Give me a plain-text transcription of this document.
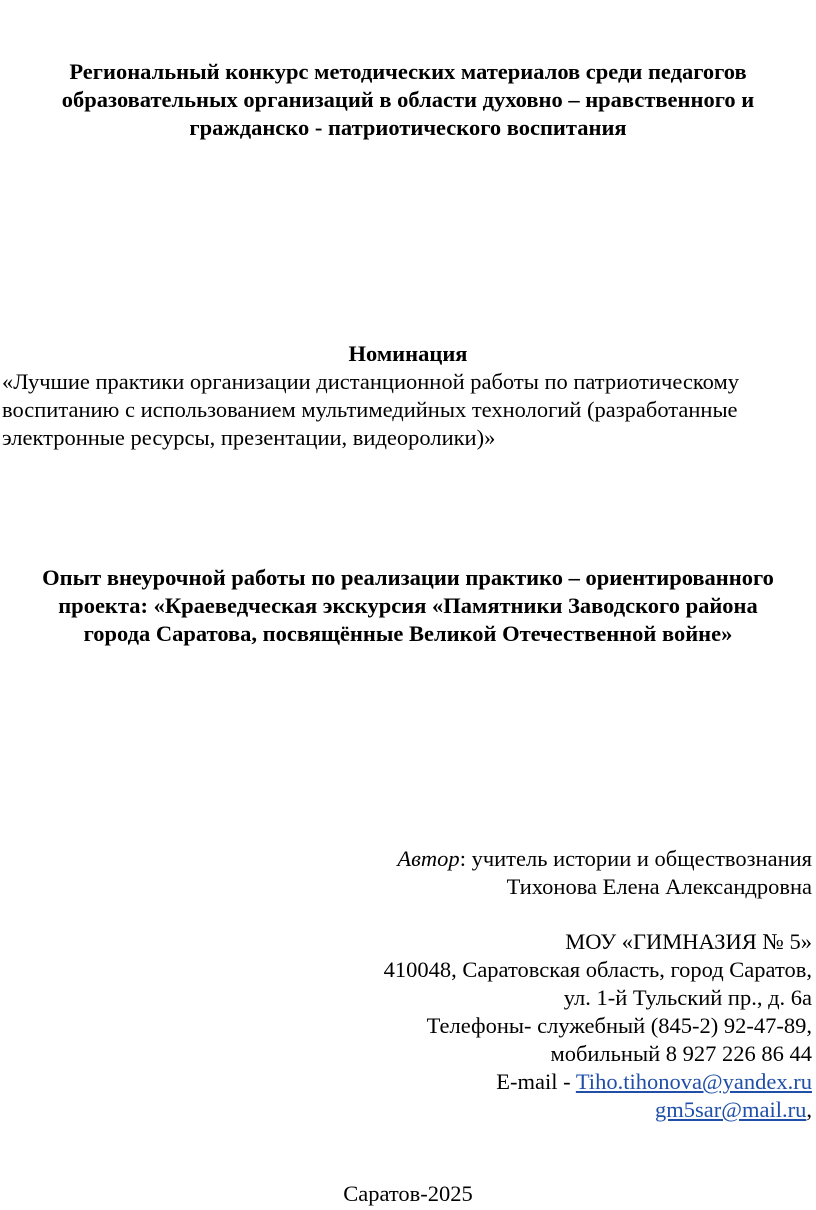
Региональный конкурс методических материалов среди педагогов
образовательных организаций в области духовно – нравственного и
гражданско - патриотического воспитания
Номинация
«Лучшие практики организации дистанционной работы по патриотическому
воспитанию с использованием мультимедийных технологий (разработанные
электронные ресурсы, презентации, видеоролики)»
Опыт внеурочной работы по реализации практико – ориентированного
проекта: «Краеведческая экскурсия «Памятники Заводского района
города Саратова, посвящённые Великой Отечественной войне»
Автор: учитель истории и обществознания
Тихонова Елена Александровна
МОУ «ГИМНАЗИЯ № 5»
410048, Саратовская область, город Саратов,
ул. 1-й Тульский пр., д. 6а
Телефоны- служебный (845-2) 92-47-89,
мобильный 8 927 226 86 44
E-mail - Tiho.tihonova@yandex.ru
gm5sar@mail.ru,
Саратов-2025
